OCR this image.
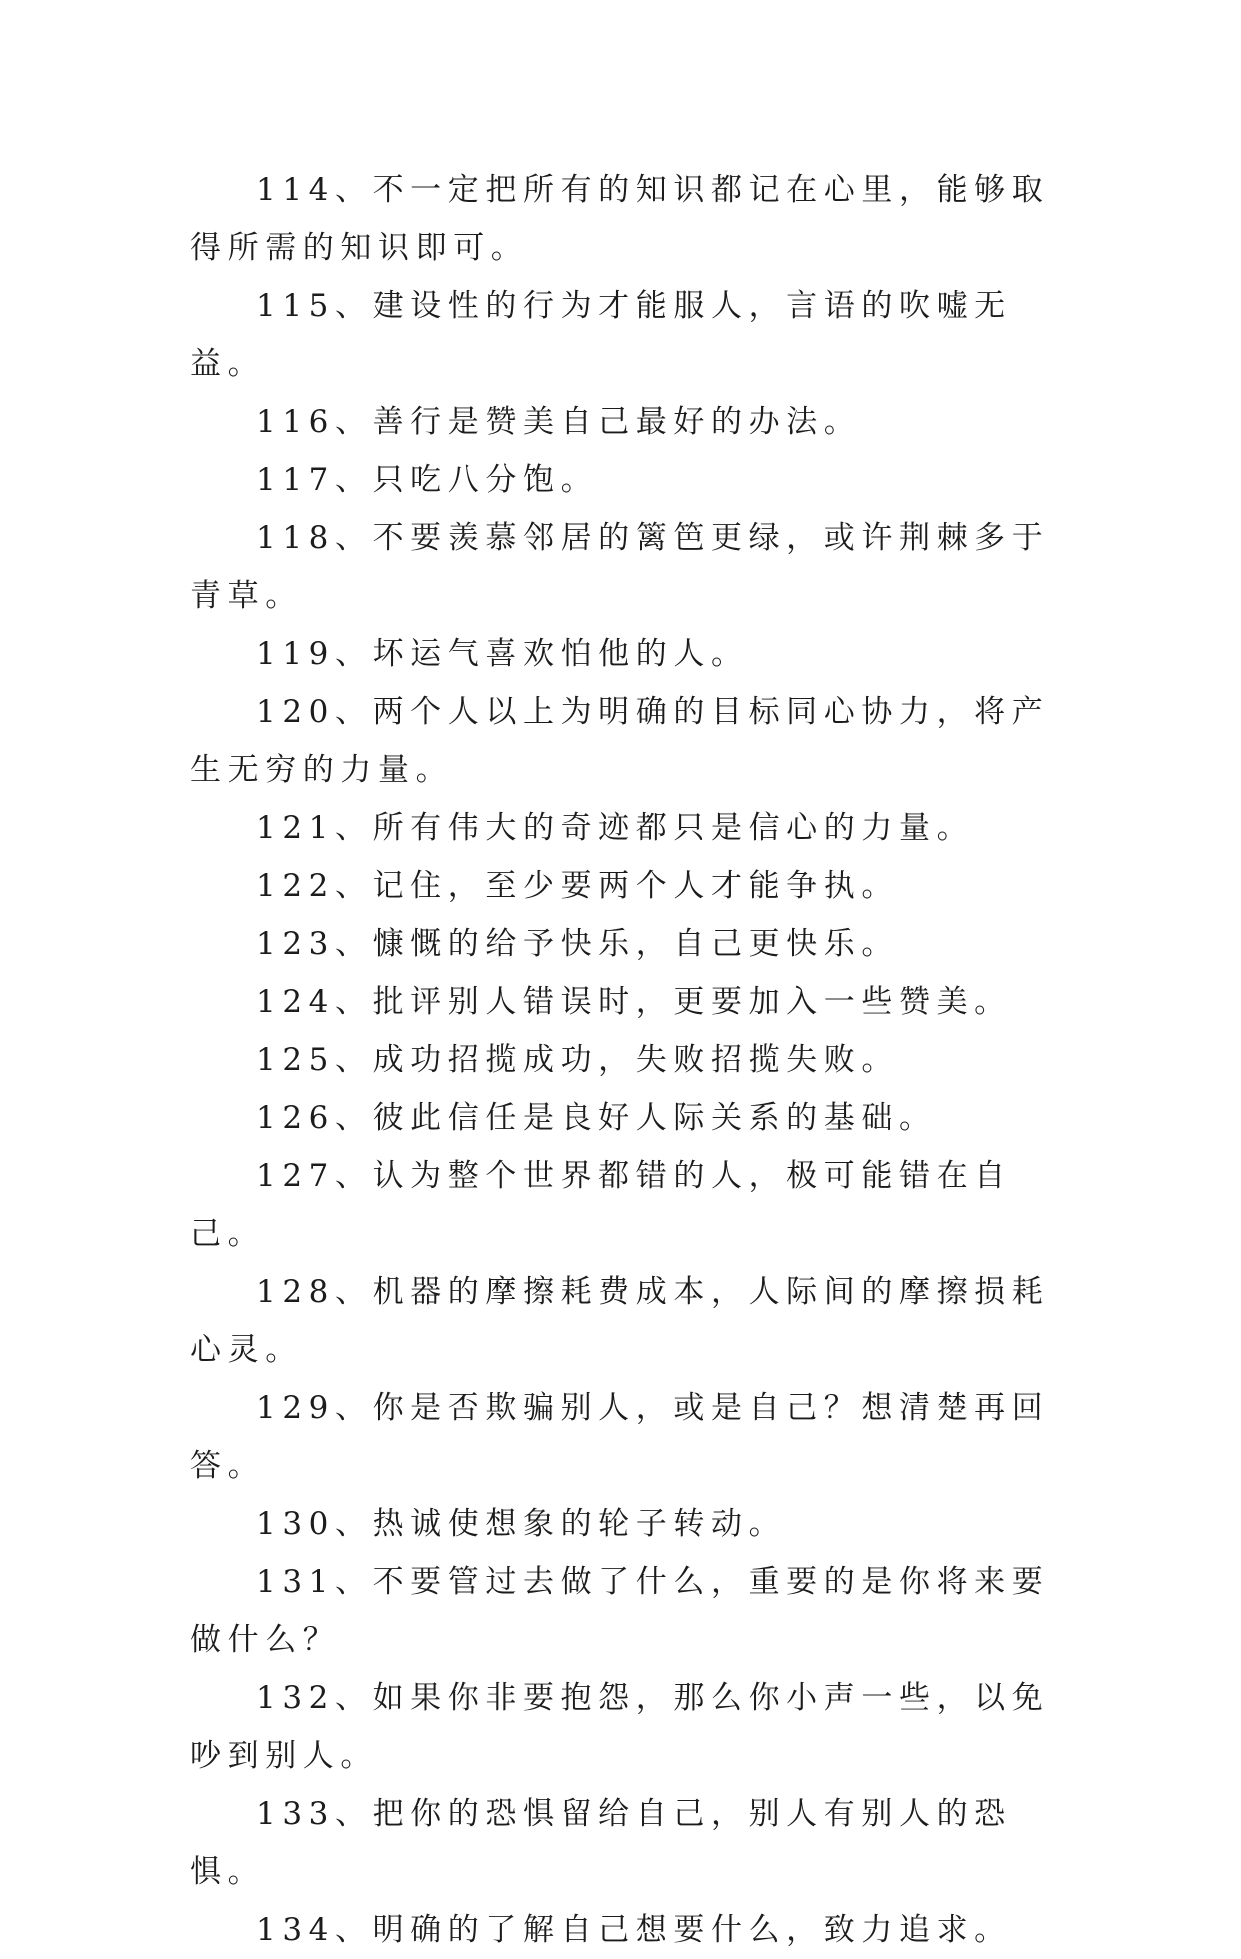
114、不一定把所有的知识都记在心里，能够取得所需的知识即可。

115、建设性的行为才能服人，言语的吹嘘无益。

116、善行是赞美自己最好的办法。

117、只吃八分饱。

118、不要羡慕邻居的篱笆更绿，或许荆棘多于青草。

119、坏运气喜欢怕他的人。

120、两个人以上为明确的目标同心协力，将产生无穷的力量。

121、所有伟大的奇迹都只是信心的力量。

122、记住，至少要两个人才能争执。

123、慷慨的给予快乐，自己更快乐。

124、批评别人错误时，更要加入一些赞美。

125、成功招揽成功，失败招揽失败。

126、彼此信任是良好人际关系的基础。

127、认为整个世界都错的人，极可能错在自己。

128、机器的摩擦耗费成本，人际间的摩擦损耗心灵。

129、你是否欺骗别人，或是自己？想清楚再回答。

130、热诚使想象的轮子转动。

131、不要管过去做了什么，重要的是你将来要做什么？

132、如果你非要抱怨，那么你小声一些，以免吵到别人。

133、把你的恐惧留给自己，别人有别人的恐惧。

134、明确的了解自己想要什么，致力追求。
